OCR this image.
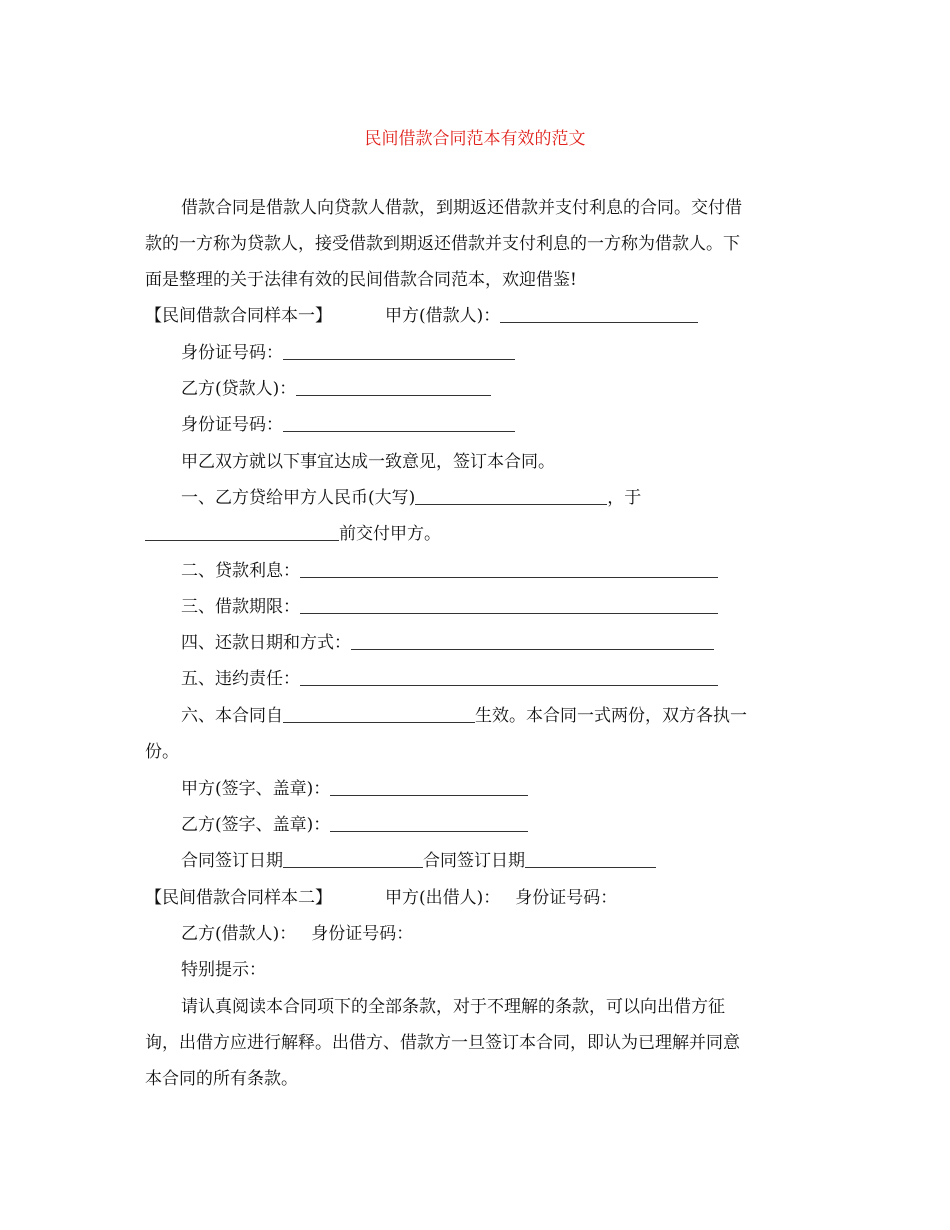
民间借款合同范本有效的范文
借款合同是借款人向贷款人借款，到期返还借款并支付利息的合同。交付借
款的一方称为贷款人，接受借款到期返还借款并支付利息的一方称为借款人。下
面是整理的关于法律有效的民间借款合同范本，欢迎借鉴!
【民间借款合同样本一】	甲方(借款人)：
身份证号码：
乙方(贷款人)：
身份证号码：
甲乙双方就以下事宜达成一致意见，签订本合同。
一、乙方贷给甲方人民币(大写)	，于
前交付甲方。
二、贷款利息：
三、借款期限：
四、还款日期和方式：
五、违约责任：
六、本合同自	生效。本合同一式两份，双方各执一
份。
甲方(签字、盖章)：
乙方(签字、盖章)：
合同签订日期	合同签订日期
【民间借款合同样本二】	甲方(出借人)： 身份证号码：
乙方(借款人)： 身份证号码：
特别提示：
请认真阅读本合同项下的全部条款，对于不理解的条款，可以向出借方征
询，出借方应进行解释。出借方、借款方一旦签订本合同，即认为已理解并同意
本合同的所有条款。
